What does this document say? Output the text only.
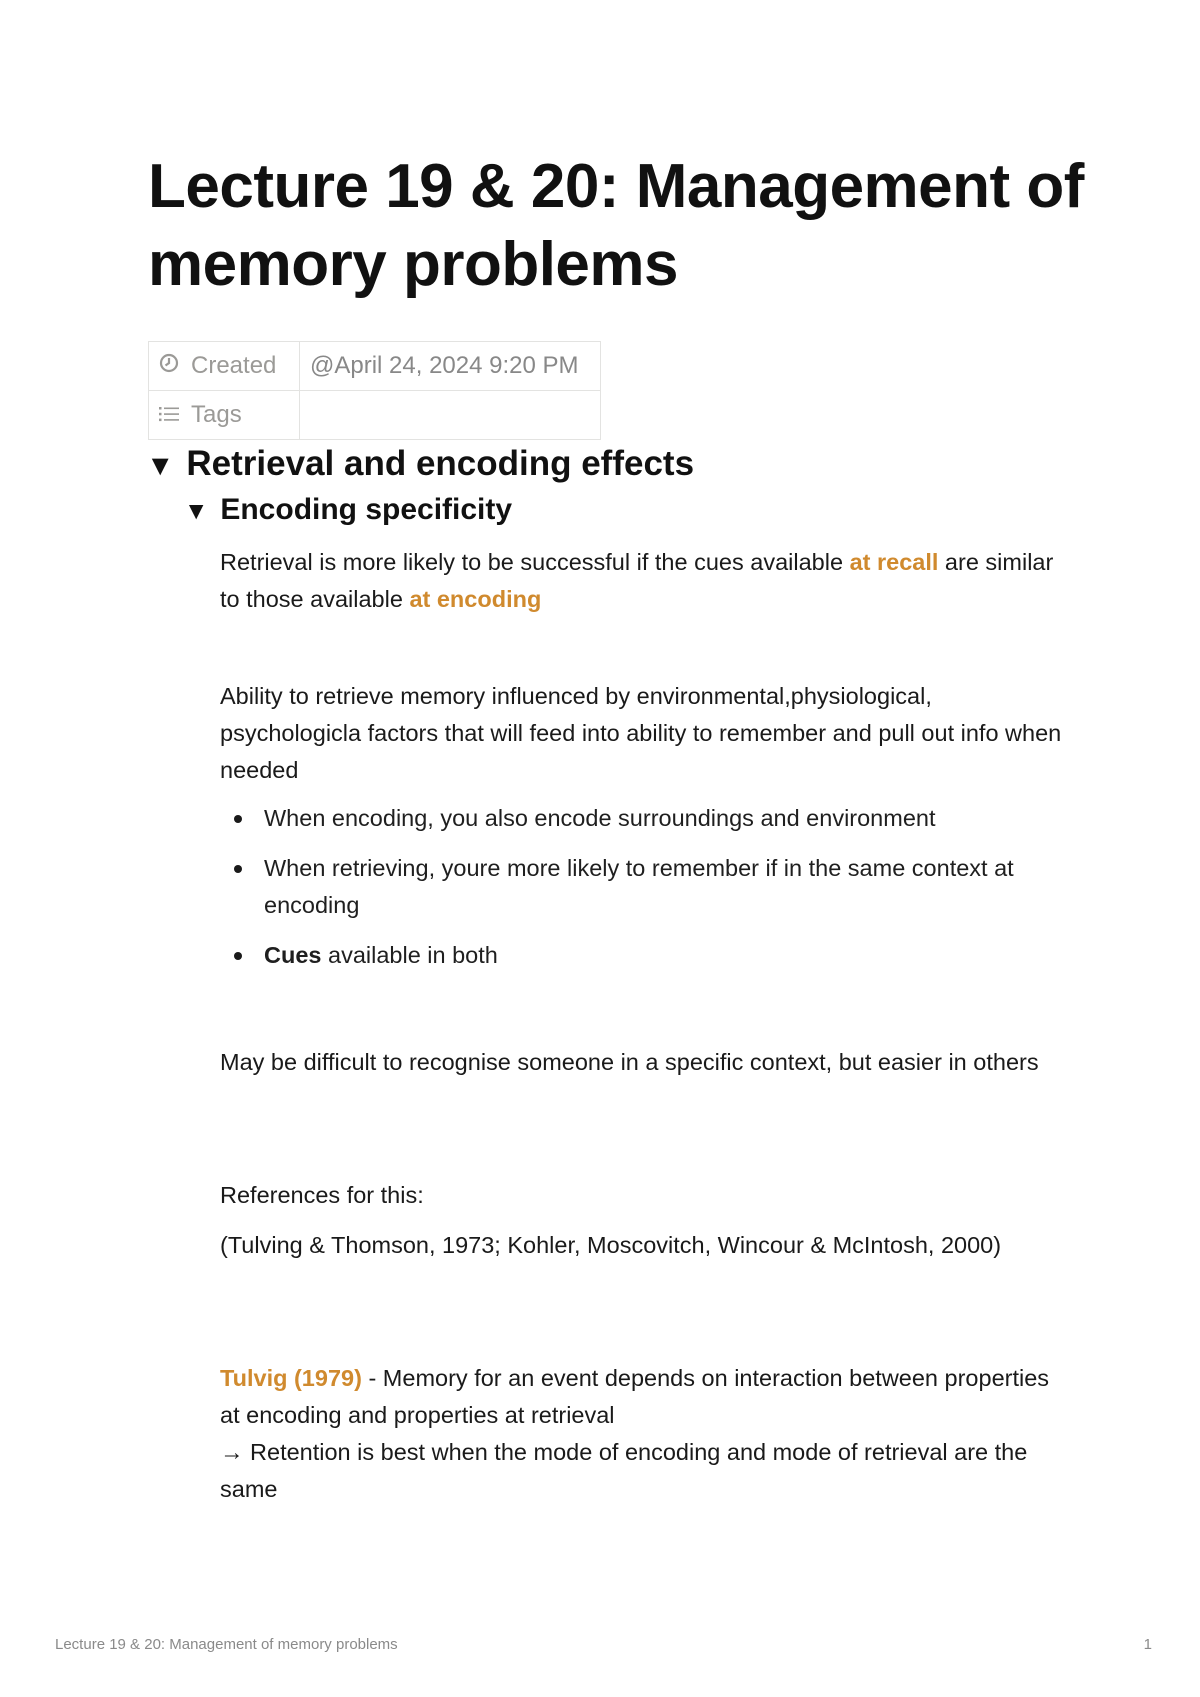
Lecture 19 & 20: Management of memory problems
Created	@April 24, 2024 9:20 PM
Tags	
▼ Retrieval and encoding effects
▼ Encoding specificity

Retrieval is more likely to be successful if the cues available at recall are similar to those available at encoding

Ability to retrieve memory influenced by environmental,physiological, psychologicla factors that will feed into ability to remember and pull out info when needed

When encoding, you also encode surroundings and environment
When retrieving, youre more likely to remember if in the same context at encoding
Cues available in both

May be difficult to recognise someone in a specific context, but easier in others

References for this:

(Tulving & Thomson, 1973; Kohler, Moscovitch, Wincour & McIntosh, 2000)

Tulvig (1979) - Memory for an event depends on interaction between properties at encoding and properties at retrieval
→ Retention is best when the mode of encoding and mode of retrieval are the same

Lecture 19 & 20: Management of memory problems	1
